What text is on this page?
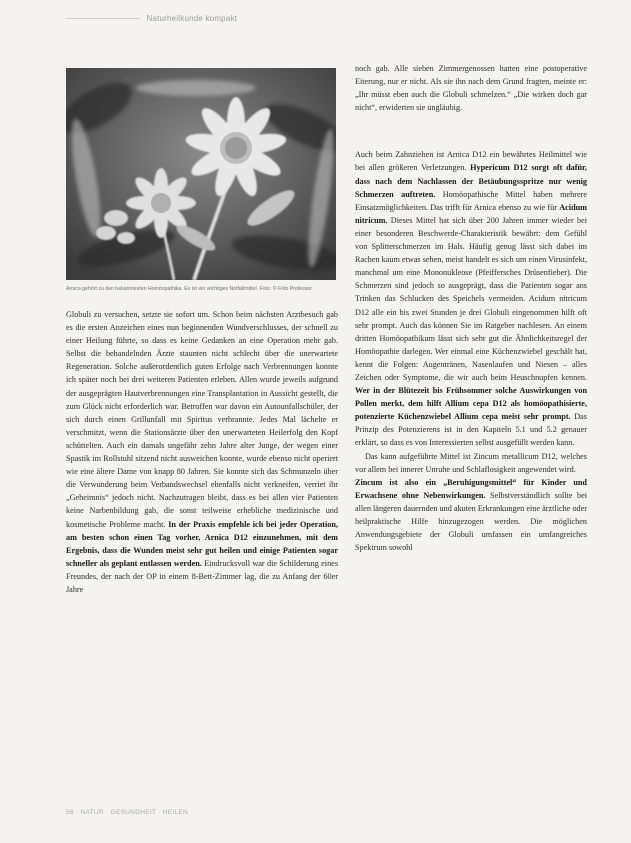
Naturheilkunde kompakt
Arnica gehört zu den bekanntesten Homöopathika. Es ist ein wichtiges Notfallmittel. Foto: © Foto Professor

Globuli zu versuchen, setzte sie sofort um. Schon beim nächsten Arztbesuch gab es die ersten Anzeichen eines nun beginnenden Wundverschlusses, der schnell zu einer Heilung führte, so dass es keine Gedanken an eine Operation mehr gab. Selbst die behandelnden Ärzte staunten nicht schlecht über die unerwartete Regeneration. Solche außerordentlich guten Erfolge nach Verbrennungen konnte ich später noch bei drei weiteren Patienten erleben. Allen wurde jeweils aufgrund der ausgeprägten Hautverbrennungen eine Transplantation in Aussicht gestellt, die zum Glück nicht erforderlich war. Betroffen war davon ein Autounfallschüler, der sich durch einen Grillunfall mit Spiritus verbrannte. Jedes Mal lächelte er verschmitzt, wenn die Stationsärzte über den unerwarteten Heilerfolg den Kopf schüttelten. Auch ein damals ungefähr zehn Jahre alter Junge, der wegen einer Spastik im Rollstuhl sitzend nicht ausweichen konnte, wurde ebenso nicht operiert wie eine ältere Dame von knapp 80 Jahren. Sie konnte sich das Schmunzeln über die Verwunderung beim Verbandswechsel ebenfalls nicht verkneifen, verriet ihr „Geheimnis“ jedoch nicht. Nachzutragen bleibt, dass es bei allen vier Patienten keine Narbenbildung gab, die sonst teilweise erhebliche medizinische und kosmetische Probleme macht. In der Praxis empfehle ich bei jeder Operation, am besten schon einen Tag vorher, Arnica D12 einzunehmen, mit dem Ergebnis, dass die Wunden meist sehr gut heilen und einige Patienten sogar schneller als geplant entlassen werden. Eindrucksvoll war die Schilderung eines Freundes, der nach der OP in einem 8-Bett-Zimmer lag, die zu Anfang der 60er Jahre

noch gab. Alle sieben Zimmergenossen hatten eine postoperative Eiterung, nur er nicht. Als sie ihn nach dem Grund fragten, meinte er: „Ihr müsst eben auch die Globuli schmelzen.“ „Die wirken doch gar nicht“, erwiderten sie ungläubig.

Auch beim Zahnziehen ist Arnica D12 ein bewährtes Heilmittel wie bei allen größeren Verletzungen. Hypericum D12 sorgt oft dafür, dass nach dem Nachlassen der Betäubungsspritze nur wenig Schmerzen auftreten. Homöopathische Mittel haben mehrere Einsatzmöglichkeiten. Das trifft für Arnica ebenso zu wie für Acidum nitricum. Dieses Mittel hat sich über 200 Jahren immer wieder bei einer besonderen Beschwerde-Charakteristik bewährt: dem Gefühl von Splitterschmerzen im Hals. Häufig genug lässt sich dabei im Rachen kaum etwas sehen, meist handelt es sich um einen Virusinfekt, manchmal um eine Mononukleose (Pfeiffersches Drüsenfieber). Die Schmerzen sind jedoch so ausgeprägt, dass die Patienten sogar ans Trinken das Schlucken des Speichels vermeiden. Acidum nitricum D12 alle ein bis zwei Stunden je drei Globuli eingenommen hilft oft sehr prompt. Auch das können Sie im Ratgeber nachlesen. An einem dritten Homöopathikum lässt sich sehr gut die Ähnlichkeitsregel der Homöopathie darlegen. Wer einmal eine Küchenzwiebel geschält hat, kennt die Folgen: Augentränen, Nasenlaufen und Niesen – alles Zeichen oder Symptome, die wir auch beim Heuschnupfen kennen. Wer in der Blütezeit bis Frühsommer solche Auswirkungen von Pollen merkt, dem hilft Allium cepa D12 als homöopathisierte, potenzierte Küchenzwiebel Allium cepa meist sehr prompt. Das Prinzip des Potenzierens ist in den Kapiteln 5.1 und 5.2 genauer erklärt, so dass es von Interessierten selbst ausgefüllt werden kann.

Das kann aufgeführte Mittel ist Zincum metallicum D12, welches vor allem bei innerer Unruhe und Schlaflosigkeit angewendet wird.

Zincum ist also ein „Beruhigungsmittel“ für Kinder und Erwachsene ohne Nebenwirkungen. Selbstverständlich sollte bei allen längeren dauernden und akuten Erkrankungen eine ärztliche oder heilpraktische Hilfe hinzugezogen werden. Die möglichen Anwendungsgebiete der Globuli umfassen ein umfangreiches Spektrum sowohl

58 · NATUR · GESUNDHEIT · HEILEN
